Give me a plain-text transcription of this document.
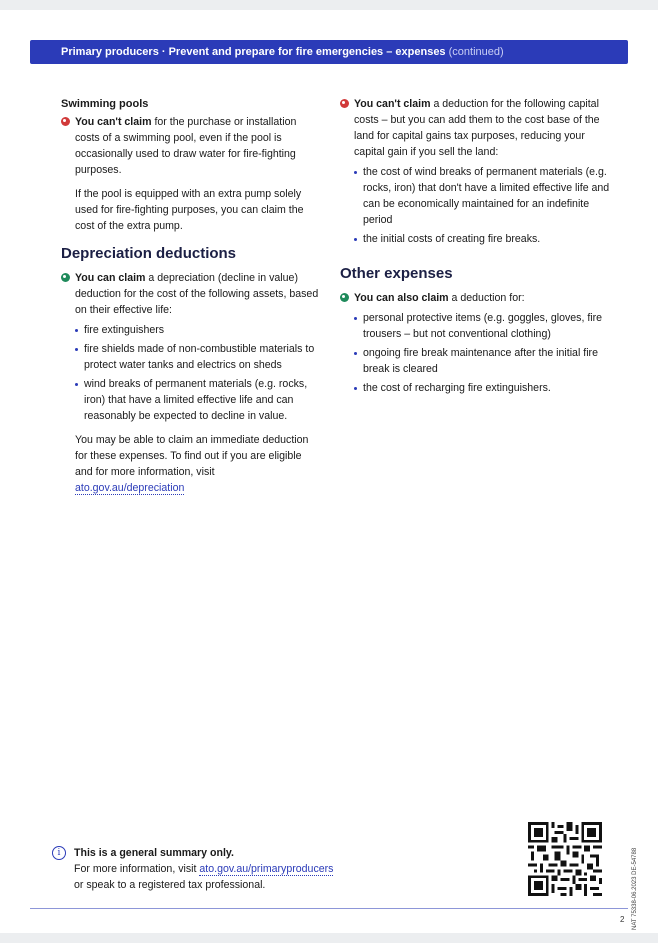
Primary producers · Prevent and prepare for fire emergencies – expenses (continued)
Swimming pools
You can't claim for the purchase or installation costs of a swimming pool, even if the pool is occasionally used to draw water for fire-fighting purposes.
If the pool is equipped with an extra pump solely used for fire-fighting purposes, you can claim the cost of the extra pump.
Depreciation deductions
You can claim a depreciation (decline in value) deduction for the cost of the following assets, based on their effective life:
fire extinguishers
fire shields made of non-combustible materials to protect water tanks and electrics on sheds
wind breaks of permanent materials (e.g. rocks, iron) that have a limited effective life and can reasonably be expected to decline in value.
You may be able to claim an immediate deduction for these expenses. To find out if you are eligible and for more information, visit ato.gov.au/depreciation
You can't claim a deduction for the following capital costs – but you can add them to the cost base of the land for capital gains tax purposes, reducing your capital gain if you sell the land:
the cost of wind breaks of permanent materials (e.g. rocks, iron) that don't have a limited effective life and can be economically maintained for an indefinite period
the initial costs of creating fire breaks.
Other expenses
You can also claim a deduction for:
personal protective items (e.g. goggles, gloves, fire trousers – but not conventional clothing)
ongoing fire break maintenance after the initial fire break is cleared
the cost of recharging fire extinguishers.
i	This is a general summary only.
For more information, visit ato.gov.au/primaryproducers
or speak to a registered tax professional.	NAT 75338-06.2023 DE-54788
2
